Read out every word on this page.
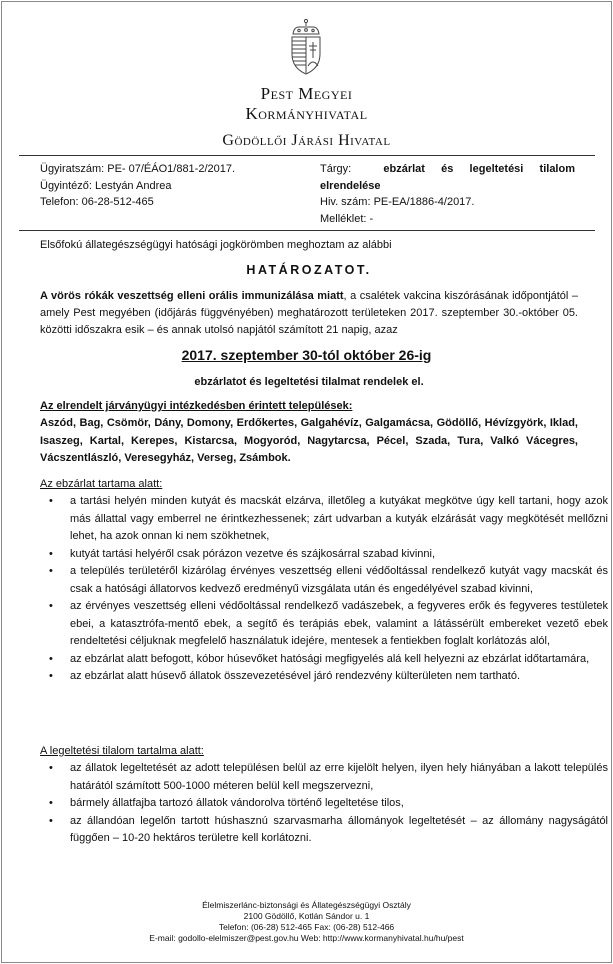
Pest Megyei
Kormányhivatal
Gödöllői Járási Hivatal
Ügyiratszám: PE- 07/ÉÁO1/881-2/2017.
Ügyintéző: Lestyán Andrea
Telefon: 06-28-512-465
Tárgy:	ebzárlat és legeltetési tilalom
elrendelése
Hiv. szám: PE-EA/1886-4/2017.
Melléklet: -
Elsőfokú állategészségügyi hatósági jogkörömben meghoztam az alábbi
HATÁROZATOT.
A vörös rókák veszettség elleni orális immunizálása miatt, a csalétek vakcina kiszórásának időpontjától – amely Pest megyében (időjárás függvényében) meghatározott területeken 2017. szeptember 30.-október 05. közötti időszakra esik – és annak utolsó napjától számított 21 napig, azaz
2017. szeptember 30-tól október 26-ig
ebzárlatot és legeltetési tilalmat rendelek el.
Az elrendelt járványügyi intézkedésben érintett települések:
Aszód, Bag, Csömör, Dány, Domony, Erdőkertes, Galgahévíz, Galgamácsa, Gödöllő, Hévízgyörk, Iklad, Isaszeg, Kartal, Kerepes, Kistarcsa, Mogyoród, Nagytarcsa, Pécel, Szada, Tura, Valkó Vácegres, Vácszentlászló, Veresegyház, Verseg, Zsámbok.
Az ebzárlat tartama alatt:
• a tartási helyén minden kutyát és macskát elzárva, illetőleg a kutyákat megkötve úgy kell tartani, hogy azok más állattal vagy emberrel ne érintkezhessenek; zárt udvarban a kutyák elzárását vagy megkötését mellőzni lehet, ha azok onnan ki nem szökhetnek,
• kutyát tartási helyéről csak pórázon vezetve és szájkosárral szabad kivinni,
• a település területéről kizárólag érvényes veszettség elleni védőoltással rendelkező kutyát vagy macskát és csak a hatósági állatorvos kedvező eredményű vizsgálata után és engedélyével szabad kivinni,
• az érvényes veszettség elleni védőoltással rendelkező vadászebek, a fegyveres erők és fegyveres testületek ebei, a katasztrófa-mentő ebek, a segítő és terápiás ebek, valamint a látássérült embereket vezető ebek rendeltetési céljuknak megfelelő használatuk idejére, mentesek a fentiekben foglalt korlátozás alól,
• az ebzárlat alatt befogott, kóbor húsevőket hatósági megfigyelés alá kell helyezni az ebzárlat időtartamára,
• az ebzárlat alatt húsevő állatok összevezetésével járó rendezvény külterületen nem tartható.
A legeltetési tilalom tartalma alatt:
• az állatok legeltetését az adott településen belül az erre kijelölt helyen, ilyen hely hiányában a lakott település határától számított 500-1000 méteren belül kell megszervezni,
• bármely állatfajba tartozó állatok vándorolva történő legeltetése tilos,
• az állandóan legelőn tartott húshasznú szarvasmarha állományok legeltetését – az állomány nagyságától függően – 10-20 hektáros területre kell korlátozni.
Élelmiszerlánc-biztonsági és Állategészségügyi Osztály
2100 Gödöllő, Kotlán Sándor u. 1
Telefon: (06-28) 512-465 Fax: (06-28) 512-466
E-mail: godollo-elelmiszer@pest.gov.hu Web: http://www.kormanyhivatal.hu/hu/pest
